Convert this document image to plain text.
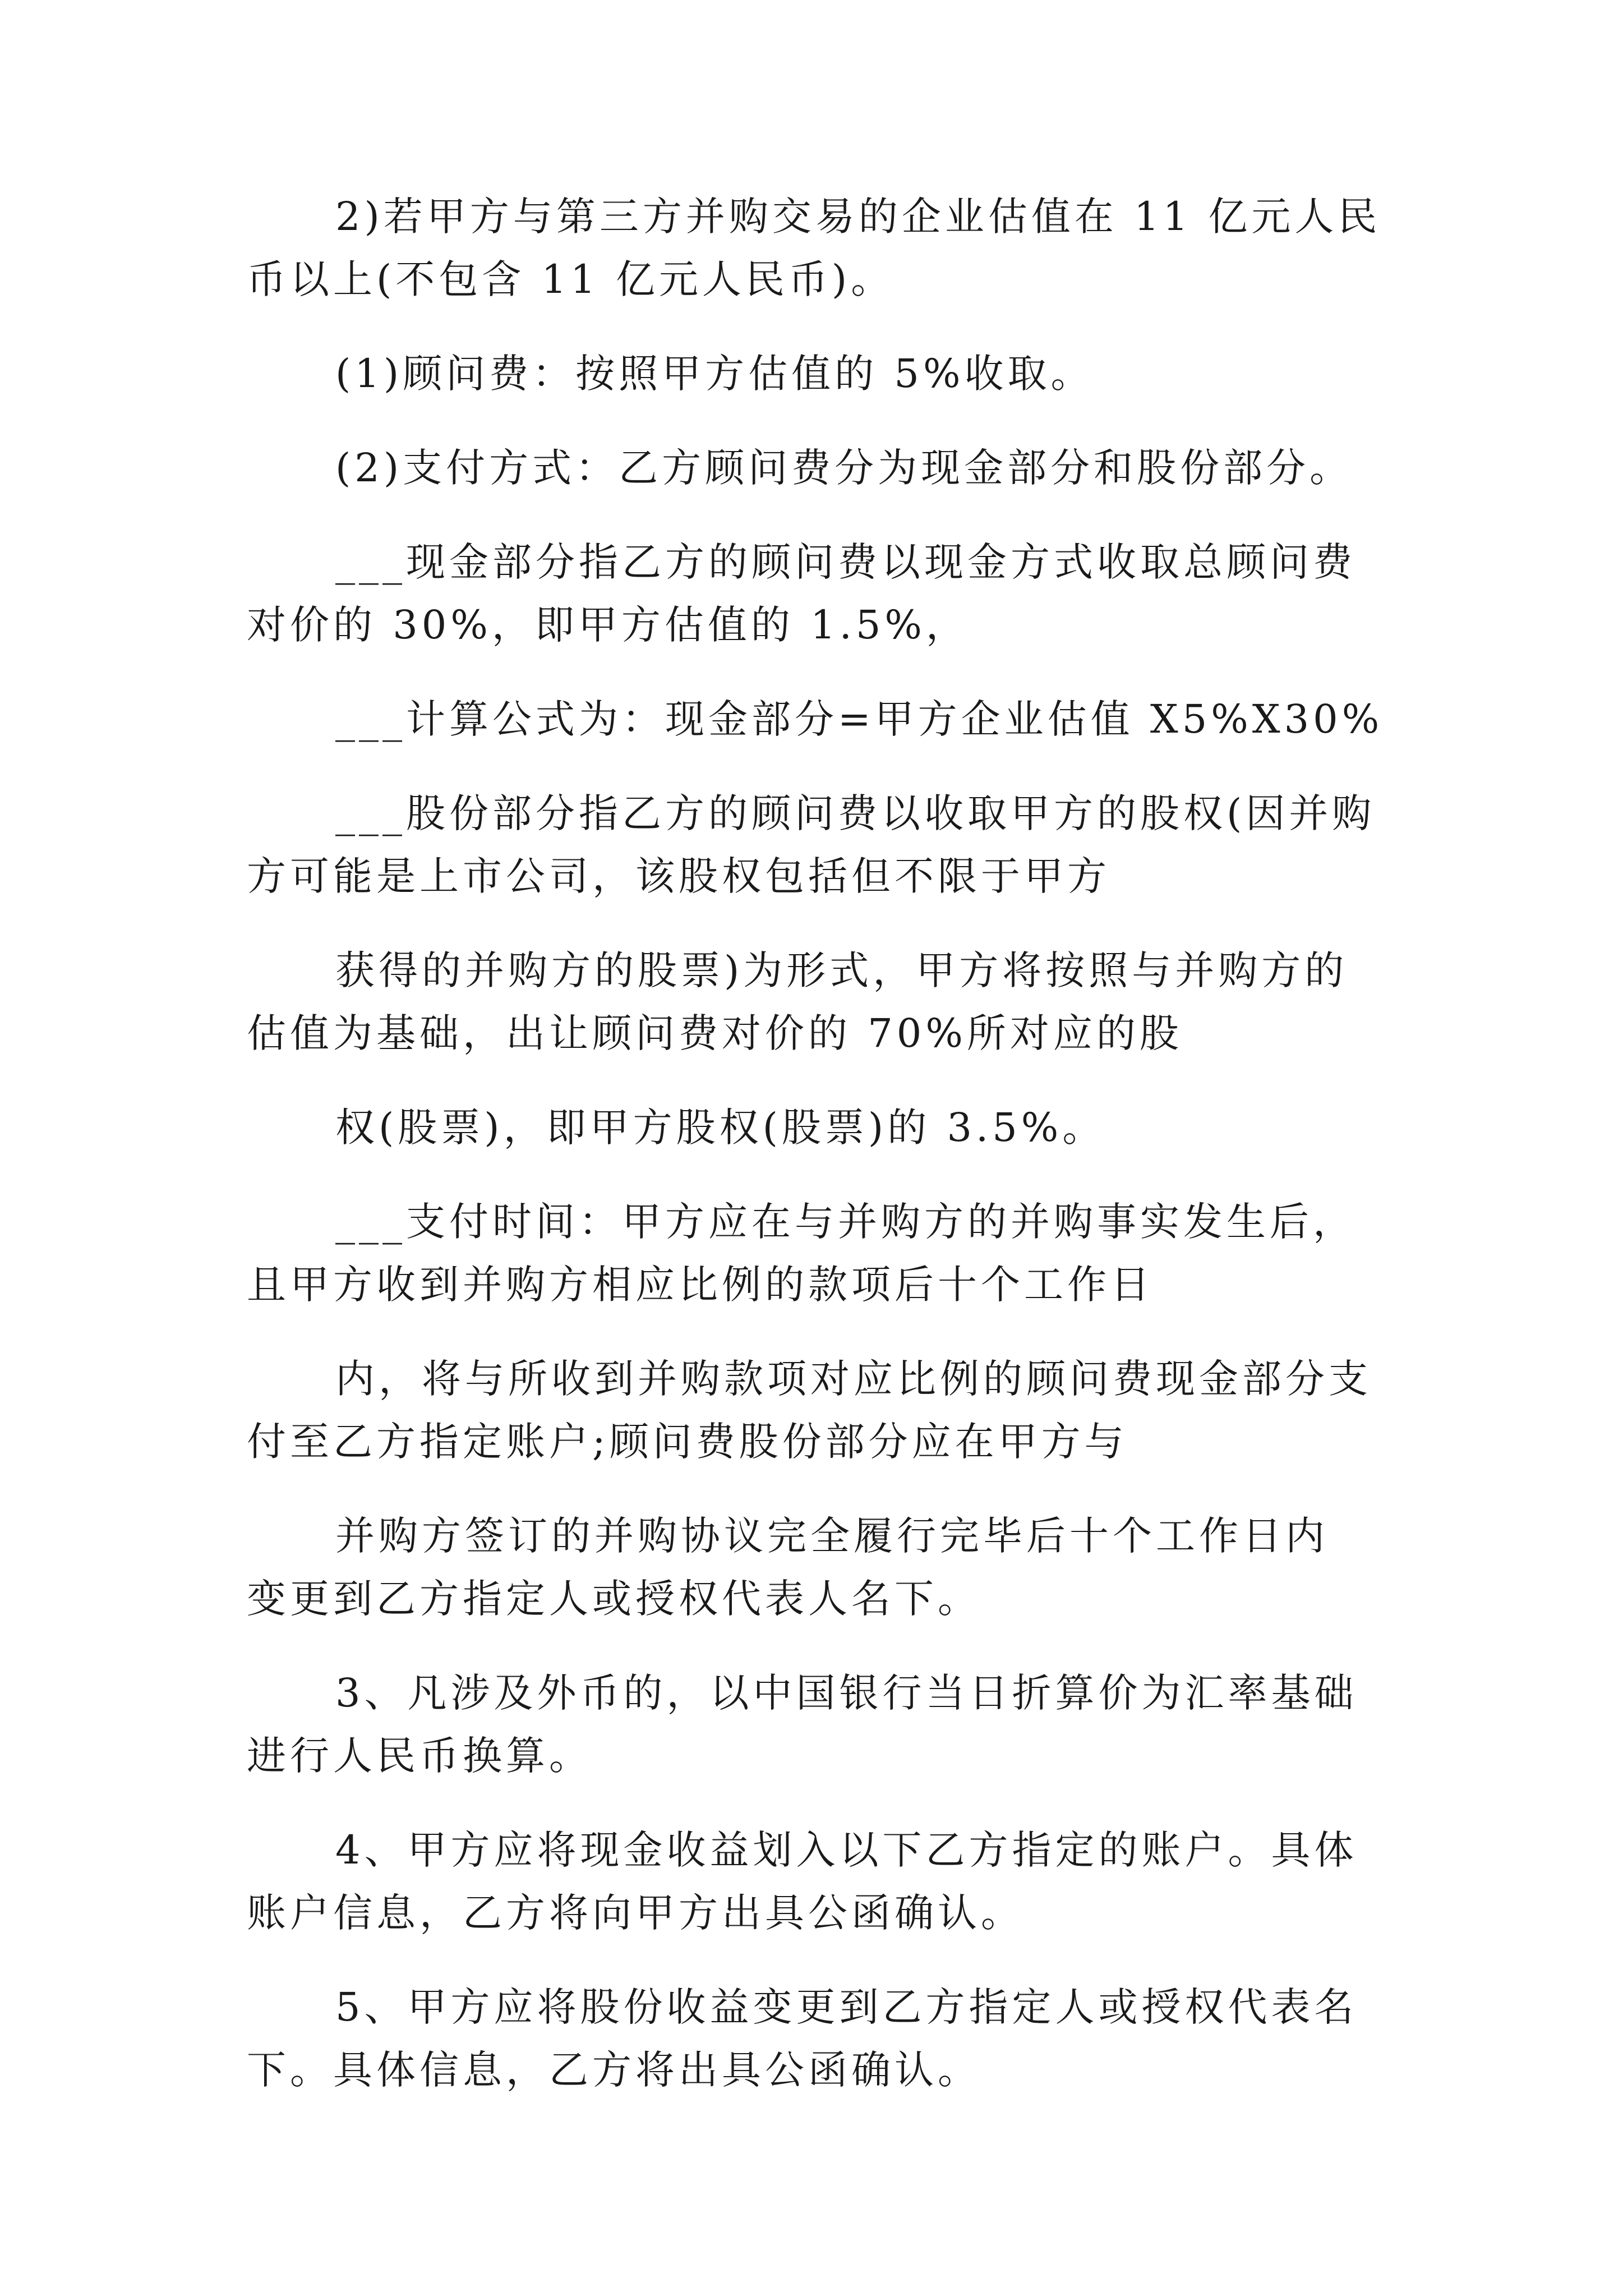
2)若甲方与第三方并购交易的企业估值在 11 亿元人民
币以上(不包含 11 亿元人民币)。
(1)顾问费：按照甲方估值的 5%收取。
(2)支付方式：乙方顾问费分为现金部分和股份部分。
___现金部分指乙方的顾问费以现金方式收取总顾问费
对价的 30%，即甲方估值的 1.5%，
___计算公式为：现金部分=甲方企业估值 X5%X30%
___股份部分指乙方的顾问费以收取甲方的股权(因并购
方可能是上市公司，该股权包括但不限于甲方
获得的并购方的股票)为形式，甲方将按照与并购方的
估值为基础，出让顾问费对价的 70%所对应的股
权(股票)，即甲方股权(股票)的 3.5%。
___支付时间：甲方应在与并购方的并购事实发生后，
且甲方收到并购方相应比例的款项后十个工作日
内，将与所收到并购款项对应比例的顾问费现金部分支
付至乙方指定账户;顾问费股份部分应在甲方与
并购方签订的并购协议完全履行完毕后十个工作日内
变更到乙方指定人或授权代表人名下。
3、凡涉及外币的，以中国银行当日折算价为汇率基础
进行人民币换算。
4、甲方应将现金收益划入以下乙方指定的账户。具体
账户信息，乙方将向甲方出具公函确认。
5、甲方应将股份收益变更到乙方指定人或授权代表名
下。具体信息，乙方将出具公函确认。
